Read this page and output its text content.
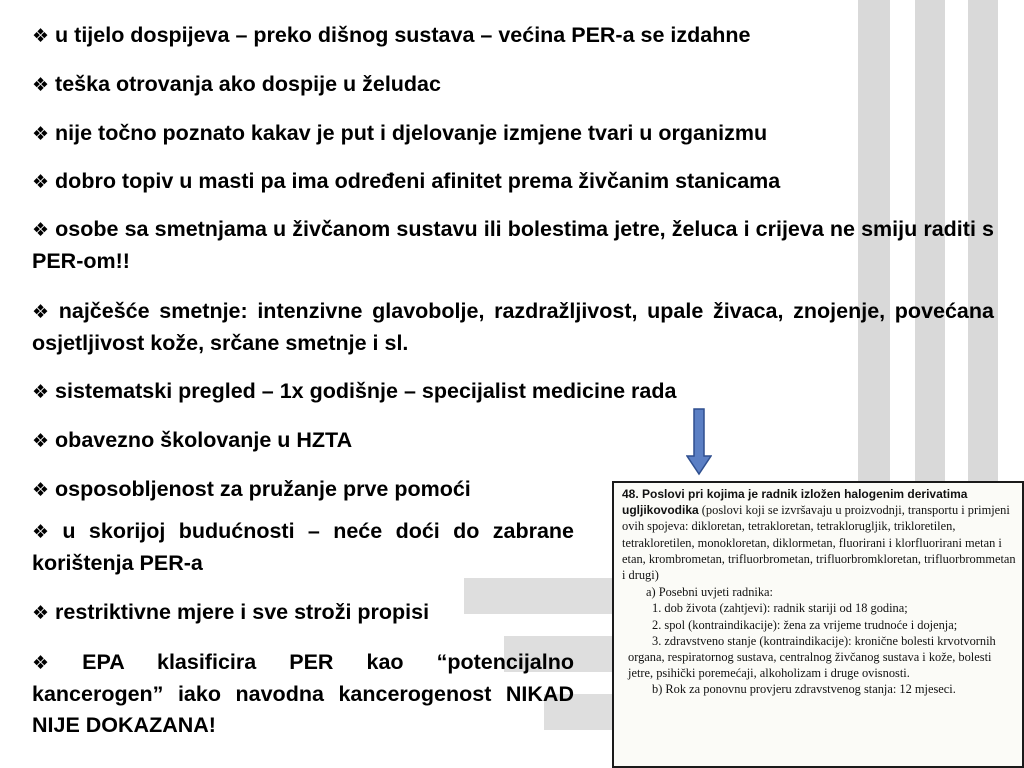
❖ u tijelo dospijeva – preko dišnog sustava – većina PER-a se izdahne
❖ teška otrovanja ako dospije u želudac
❖ nije točno poznato kakav je put i djelovanje izmjene tvari u organizmu
❖ dobro topiv u masti pa ima određeni afinitet prema živčanim stanicama
❖ osobe sa smetnjama u živčanom sustavu ili bolestima jetre, želuca i crijeva ne smiju raditi s PER-om!!
❖ najčešće smetnje: intenzivne glavobolje, razdražljivost, upale živaca, znojenje, povećana osjetljivost kože, srčane smetnje i sl.
❖ sistematski pregled – 1x godišnje – specijalist medicine rada
❖ obavezno školovanje u HZTA
❖ osposobljenost za pružanje prve pomoći
❖ u skorijoj budućnosti – neće doći do zabrane korištenja PER-a
❖ restriktivne mjere i sve stroži propisi
❖ EPA klasificira PER kao “potencijalno kancerogen” iako navodna kancerogenost NIKAD NIJE DOKAZANA!
48. Poslovi pri kojima je radnik izložen halogenim derivatima ugljikovodika (poslovi koji se izvršavaju u proizvodnji, transportu i primjeni ovih spojeva: dikloretan, tetrakloretan, tetraklorugljik, trikloretilen, tetrakloretilen, monokloretan, diklormetan, fluorirani i klorfluorirani metan i etan, krombrometan, trifluorbrometan, trifluorbromkloretan, trifluorbrommetan i drugi)
a) Posebni uvjeti radnika:
1. dob života (zahtjevi): radnik stariji od 18 godina;
2. spol (kontraindikacije): žena za vrijeme trudnoće i dojenja;
3. zdravstveno stanje (kontraindikacije): kronične bolesti krvotvornih organa, respiratornog sustava, centralnog živčanog sustava i kože, bolesti jetre, psihički poremećaji, alkoholizam i druge ovisnosti.
b) Rok za ponovnu provjeru zdravstvenog stanja: 12 mjeseci.
